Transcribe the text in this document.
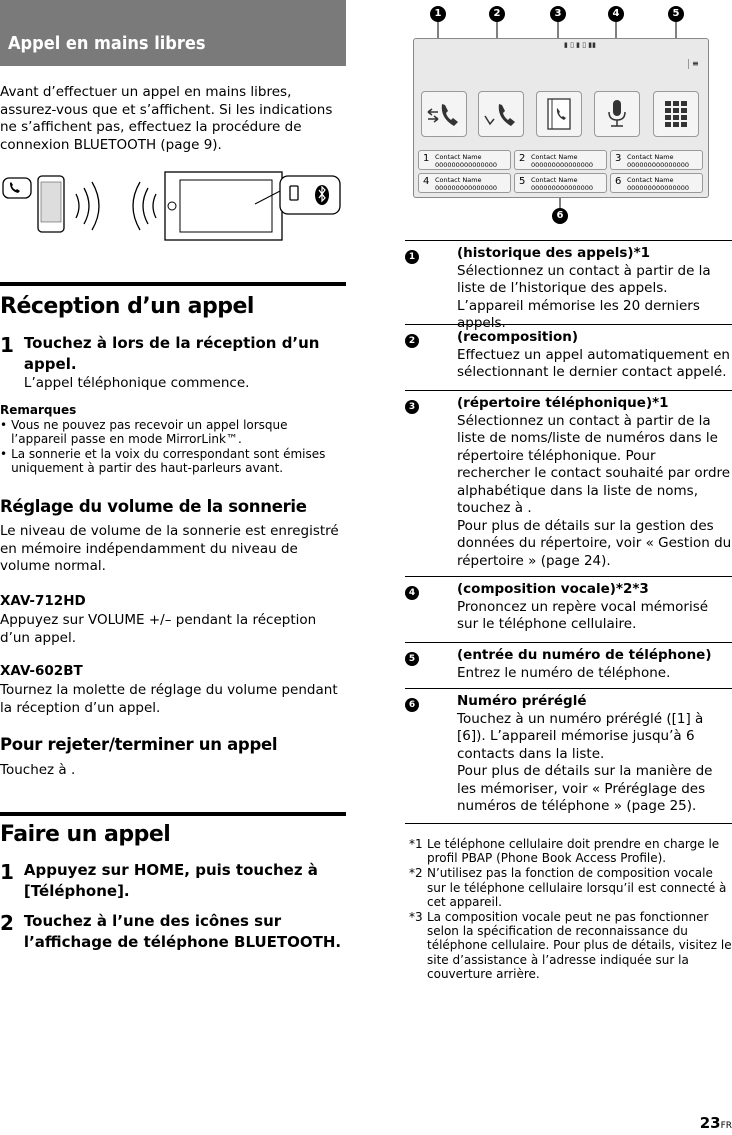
Appel en mains libres

Avant d’effectuer un appel en mains libres, assurez-vous que et s’affichent. Si les indications ne s’affichent pas, effectuez la procédure de connexion BLUETOOTH (page 9).

Réception d’un appel
1 Touchez à lors de la réception d’un appel.
L’appel téléphonique commence.
Remarques
• Vous ne pouvez pas recevoir un appel lorsque l’appareil passe en mode MirrorLink™.
• La sonnerie et la voix du correspondant sont émises uniquement à partir des haut-parleurs avant.
Réglage du volume de la sonnerie

Le niveau de volume de la sonnerie est enregistré en mémoire indépendamment du niveau de volume normal.

XAV-712HD

Appuyez sur VOLUME +/– pendant la réception d’un appel.

XAV-602BT

Tournez la molette de réglage du volume pendant la réception d’un appel.

Pour rejeter/terminer un appel

Touchez à .

Faire un appel
1 Appuyez sur HOME, puis touchez à [Téléphone].
2 Touchez à l’une des icônes sur l’affichage de téléphone BLUETOOTH.
1	2	3	4	5
6
▮ ▯ ▮ ▯ ▮▮
≡
1 Contact Name
000000000000000
2 Contact Name
000000000000000
3 Contact Name
000000000000000
4 Contact Name
000000000000000
5 Contact Name
000000000000000
6 Contact Name
000000000000000
1	(historique des appels)*1
Sélectionnez un contact à partir de la liste de l’historique des appels. L’appareil mémorise les 20 derniers appels.
2	(recomposition)
Effectuez un appel automatiquement en sélectionnant le dernier contact appelé.
3	(répertoire téléphonique)*1
Sélectionnez un contact à partir de la liste de noms/liste de numéros dans le répertoire téléphonique. Pour rechercher le contact souhaité par ordre alphabétique dans la liste de noms, touchez à .
Pour plus de détails sur la gestion des données du répertoire, voir « Gestion du répertoire » (page 24).
4	(composition vocale)*2*3
Prononcez un repère vocal mémorisé sur le téléphone cellulaire.
5	(entrée du numéro de téléphone)
Entrez le numéro de téléphone.
6	Numéro préréglé
Touchez à un numéro préréglé ([1] à [6]). L’appareil mémorise jusqu’à 6 contacts dans la liste.
Pour plus de détails sur la manière de les mémoriser, voir « Préréglage des numéros de téléphone » (page 25).
*1 Le téléphone cellulaire doit prendre en charge le profil PBAP (Phone Book Access Profile).
*2 N’utilisez pas la fonction de composition vocale sur le téléphone cellulaire lorsqu’il est connecté à cet appareil.
*3 La composition vocale peut ne pas fonctionner selon la spécification de reconnaissance du téléphone cellulaire. Pour plus de détails, visitez le site d’assistance à l’adresse indiquée sur la couverture arrière.
23FR
